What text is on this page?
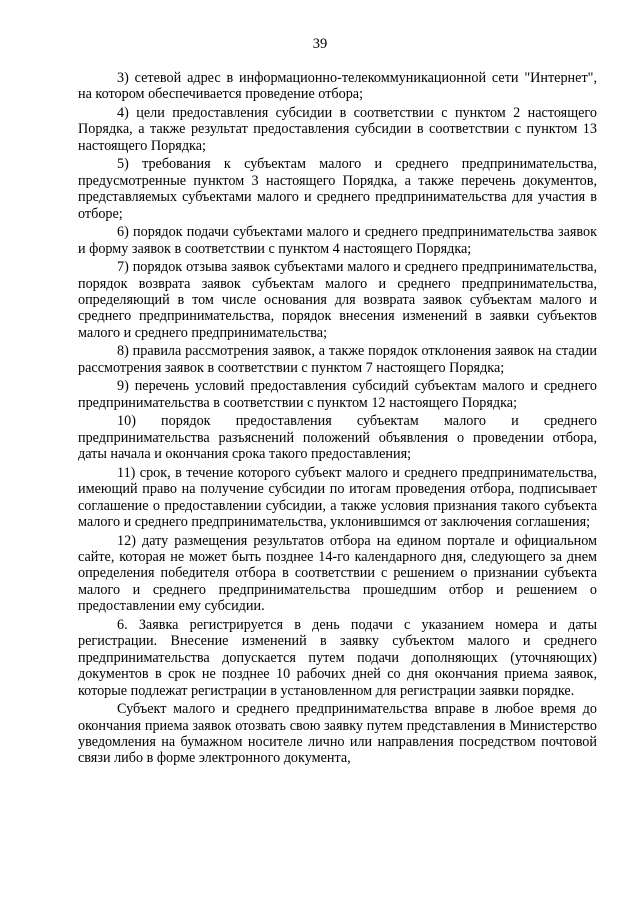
39

3) сетевой адрес в информационно-телекоммуникационной сети "Интернет", на котором обеспечивается проведение отбора;

4) цели предоставления субсидии в соответствии с пунктом 2 настоящего Порядка, а также результат предоставления субсидии в соответствии с пунктом 13 настоящего Порядка;

5) требования к субъектам малого и среднего предпринимательства, предусмотренные пунктом 3 настоящего Порядка, а также перечень документов, представляемых субъектами малого и среднего предпринимательства для участия в отборе;

6) порядок подачи субъектами малого и среднего предпринимательства заявок и форму заявок в соответствии с пунктом 4 настоящего Порядка;

7) порядок отзыва заявок субъектами малого и среднего предпринимательства, порядок возврата заявок субъектам малого и среднего предпринимательства, определяющий в том числе основания для возврата заявок субъектам малого и среднего предпринимательства, порядок внесения изменений в заявки субъектов малого и среднего предпринимательства;

8) правила рассмотрения заявок, а также порядок отклонения заявок на стадии рассмотрения заявок в соответствии с пунктом 7 настоящего Порядка;

9) перечень условий предоставления субсидий субъектам малого и среднего предпринимательства в соответствии с пунктом 12 настоящего Порядка;

10) порядок предоставления субъектам малого и среднего предпринимательства разъяснений положений объявления о проведении отбора, даты начала и окончания срока такого предоставления;

11) срок, в течение которого субъект малого и среднего предпринимательства, имеющий право на получение субсидии по итогам проведения отбора, подписывает соглашение о предоставлении субсидии, а также условия признания такого субъекта малого и среднего предпринимательства, уклонившимся от заключения соглашения;

12) дату размещения результатов отбора на едином портале и официальном сайте, которая не может быть позднее 14-го календарного дня, следующего за днем определения победителя отбора в соответствии с решением о признании субъекта малого и среднего предпринимательства прошедшим отбор и решением о предоставлении ему субсидии.

6. Заявка регистрируется в день подачи с указанием номера и даты регистрации. Внесение изменений в заявку субъектом малого и среднего предпринимательства допускается путем подачи дополняющих (уточняющих) документов в срок не позднее 10 рабочих дней со дня окончания приема заявок, которые подлежат регистрации в установленном для регистрации заявки порядке.

Субъект малого и среднего предпринимательства вправе в любое время до окончания приема заявок отозвать свою заявку путем представления в Министерство уведомления на бумажном носителе лично или направления посредством почтовой связи либо в форме электронного документа,
